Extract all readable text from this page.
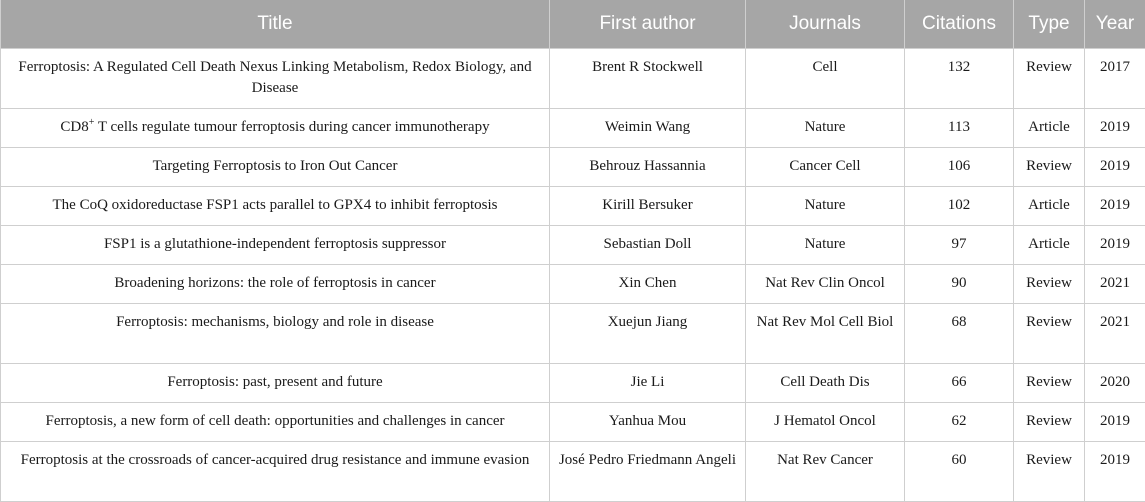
Title	First author	Journals	Citations	Type	Year
Ferroptosis: A Regulated Cell Death Nexus Linking Metabolism, Redox Biology, and Disease	Brent R Stockwell	Cell	132	Review	2017
CD8+ T cells regulate tumour ferroptosis during cancer immunotherapy	Weimin Wang	Nature	113	Article	2019
Targeting Ferroptosis to Iron Out Cancer	Behrouz Hassannia	Cancer Cell	106	Review	2019
The CoQ oxidoreductase FSP1 acts parallel to GPX4 to inhibit ferroptosis	Kirill Bersuker	Nature	102	Article	2019
FSP1 is a glutathione-independent ferroptosis suppressor	Sebastian Doll	Nature	97	Article	2019
Broadening horizons: the role of ferroptosis in cancer	Xin Chen	Nat Rev Clin Oncol	90	Review	2021
Ferroptosis: mechanisms, biology and role in disease	Xuejun Jiang	Nat Rev Mol Cell Biol	68	Review	2021
Ferroptosis: past, present and future	Jie Li	Cell Death Dis	66	Review	2020
Ferroptosis, a new form of cell death: opportunities and challenges in cancer	Yanhua Mou	J Hematol Oncol	62	Review	2019
Ferroptosis at the crossroads of cancer-acquired drug resistance and immune evasion	José Pedro Friedmann Angeli	Nat Rev Cancer	60	Review	2019
